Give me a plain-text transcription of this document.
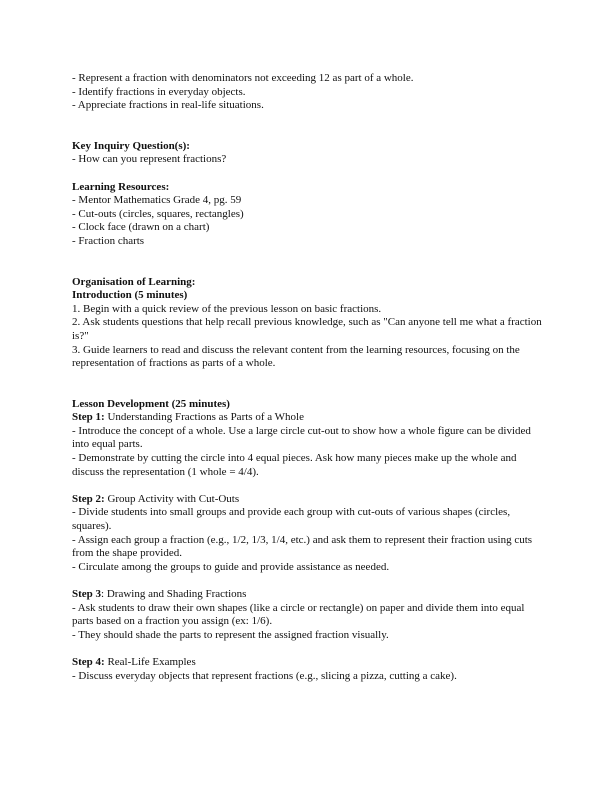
- Represent a fraction with denominators not exceeding 12 as part of a whole.

- Identify fractions in everyday objects.

- Appreciate fractions in real-life situations.

Key Inquiry Question(s):

- How can you represent fractions?

Learning Resources:

- Mentor Mathematics Grade 4, pg. 59

- Cut-outs (circles, squares, rectangles)

- Clock face (drawn on a chart)

- Fraction charts

Organisation of Learning:

Introduction (5 minutes)

1. Begin with a quick review of the previous lesson on basic fractions.

2. Ask students questions that help recall previous knowledge, such as "Can anyone tell me what a fraction is?"

3. Guide learners to read and discuss the relevant content from the learning resources, focusing on the representation of fractions as parts of a whole.

Lesson Development (25 minutes)

Step 1: Understanding Fractions as Parts of a Whole

- Introduce the concept of a whole. Use a large circle cut-out to show how a whole figure can be divided into equal parts.

- Demonstrate by cutting the circle into 4 equal pieces. Ask how many pieces make up the whole and discuss the representation (1 whole = 4/4).

Step 2: Group Activity with Cut-Outs

- Divide students into small groups and provide each group with cut-outs of various shapes (circles, squares).

- Assign each group a fraction (e.g., 1/2, 1/3, 1/4, etc.) and ask them to represent their fraction using cuts from the shape provided.

- Circulate among the groups to guide and provide assistance as needed.

Step 3: Drawing and Shading Fractions

- Ask students to draw their own shapes (like a circle or rectangle) on paper and divide them into equal parts based on a fraction you assign (ex: 1/6).

- They should shade the parts to represent the assigned fraction visually.

Step 4: Real-Life Examples

- Discuss everyday objects that represent fractions (e.g., slicing a pizza, cutting a cake).
